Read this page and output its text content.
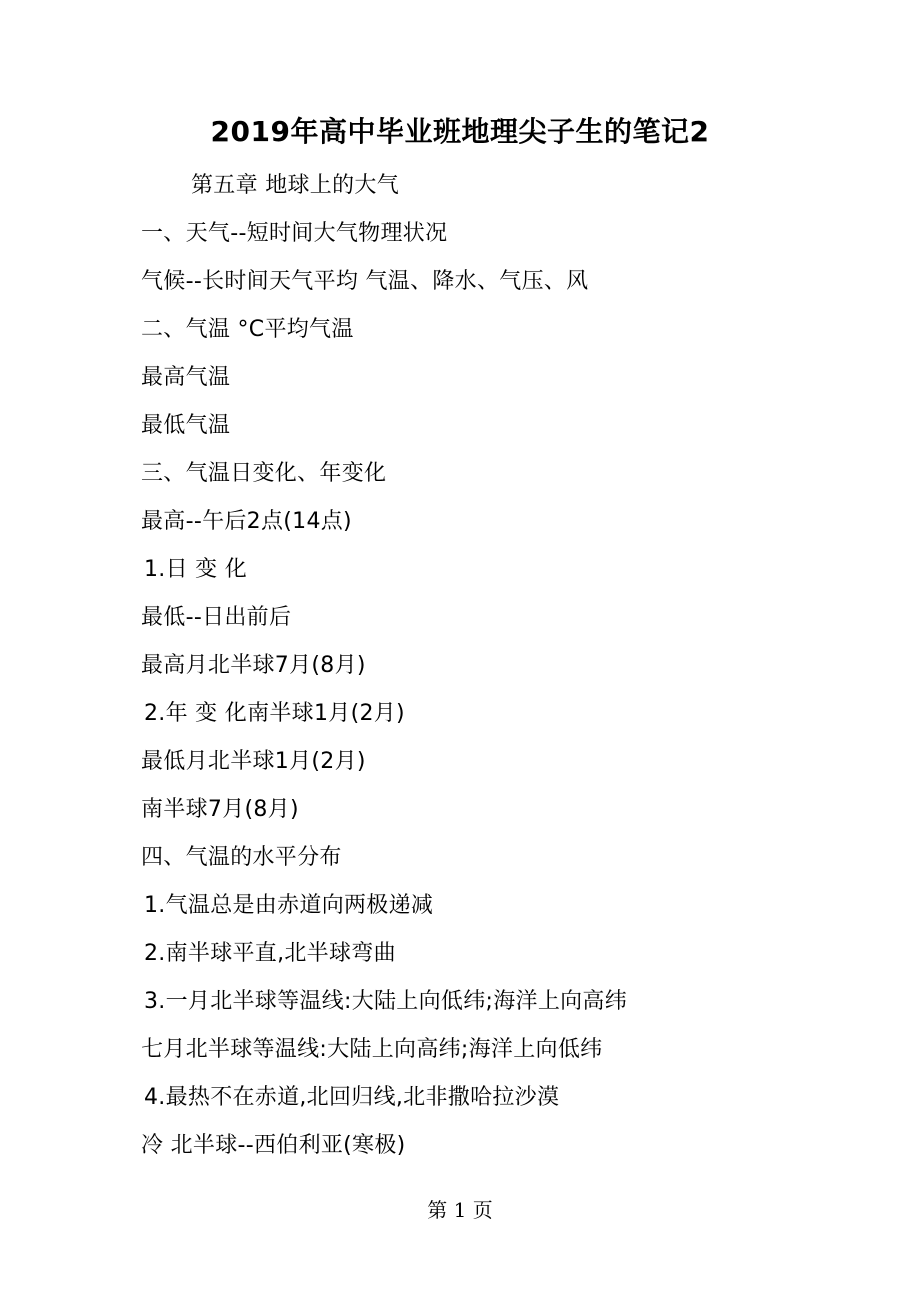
2019年高中毕业班地理尖子生的笔记2
第五章 地球上的大气
一、天气--短时间大气物理状况
气候--长时间天气平均 气温、降水、气压、风
二、气温 °C平均气温
最高气温
最低气温
三、气温日变化、年变化
最高--午后2点(14点)
1.日 变 化
最低--日出前后
最高月北半球7月(8月)
2.年 变 化南半球1月(2月)
最低月北半球1月(2月)
南半球7月(8月)
四、气温的水平分布
1.气温总是由赤道向两极递减
2.南半球平直,北半球弯曲
3.一月北半球等温线:大陆上向低纬;海洋上向高纬
七月北半球等温线:大陆上向高纬;海洋上向低纬
4.最热不在赤道,北回归线,北非撒哈拉沙漠
冷 北半球--西伯利亚(寒极)
第 1 页
